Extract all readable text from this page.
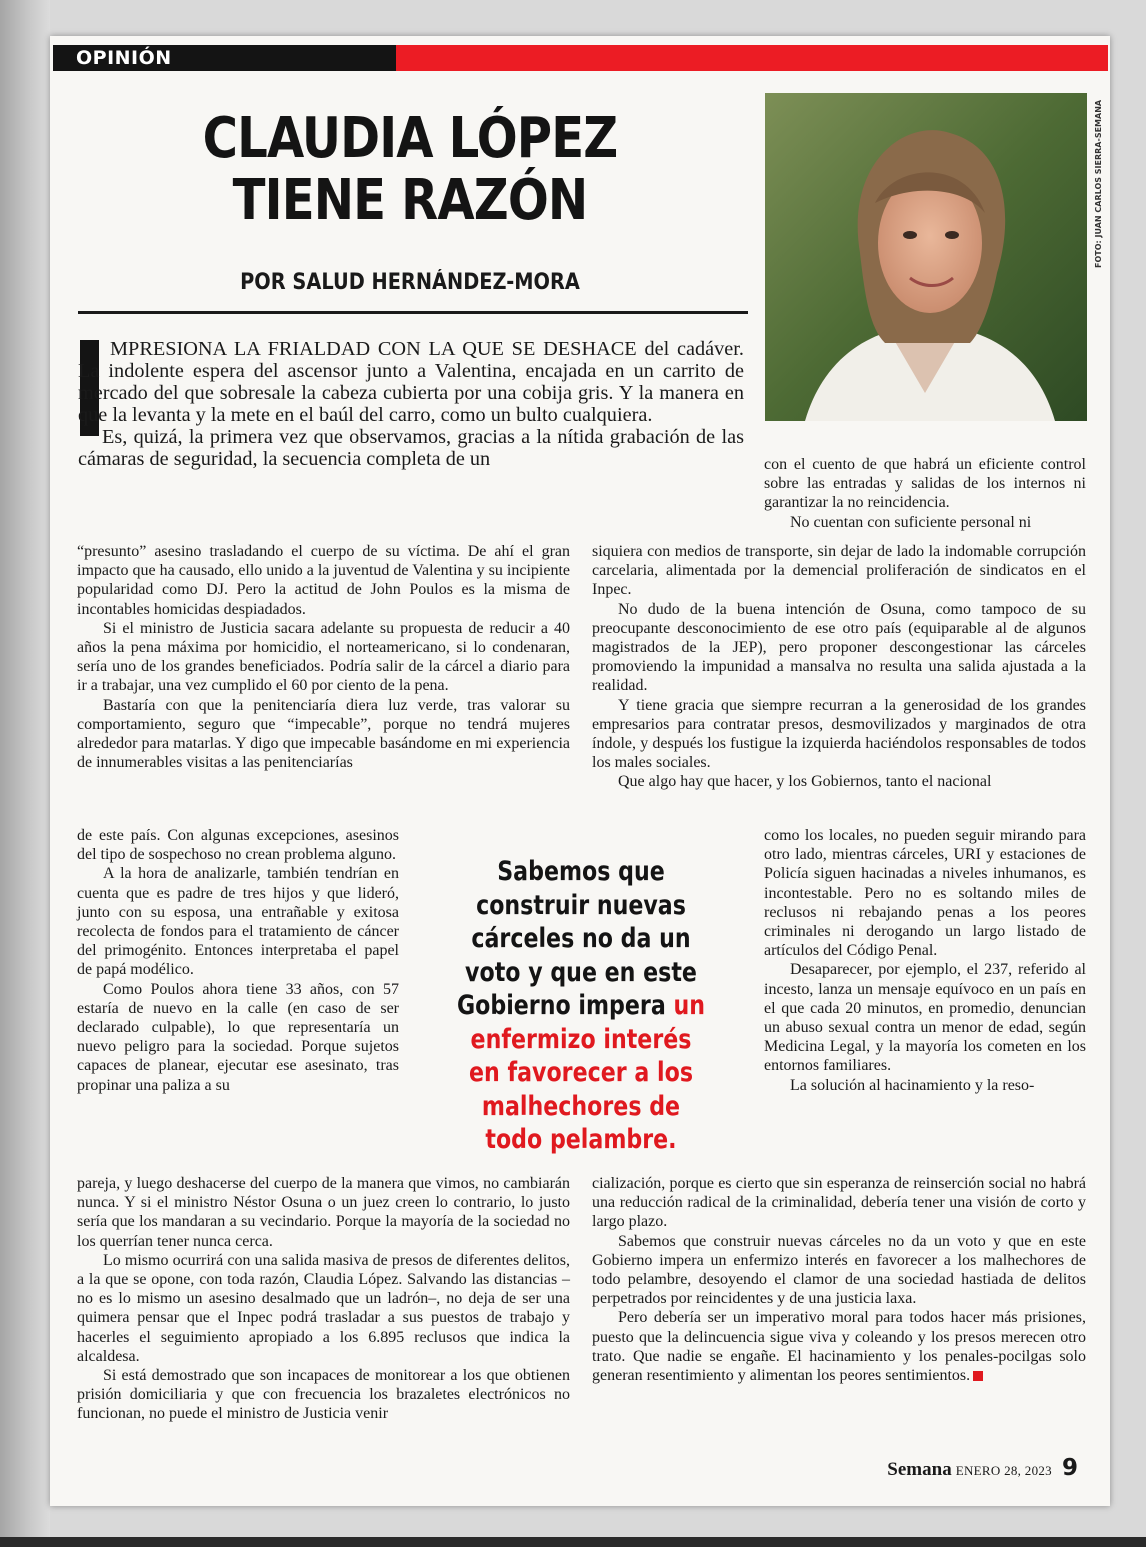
OPINIÓN
CLAUDIA LÓPEZ
TIENE RAZÓN
POR SALUD HERNÁNDEZ-MORA
FOTO: JUAN CARLOS SIERRA-SEMANA

MPRESIONA LA FRIALDAD CON LA QUE SE DESHACE del cadáver. La indolente espera del ascensor junto a Valentina, encajada en un carrito de mercado del que sobresale la cabeza cubierta por una cobija gris. Y la manera en que la levanta y la mete en el baúl del carro, como un bulto cualquiera.

Es, quizá, la primera vez que observamos, gracias a la nítida grabación de las cámaras de seguridad, la secuencia completa de un	con el cuento de que habrá un eficiente control sobre las entradas y salidas de los internos ni garantizar la no reincidencia.

No cuentan con suficiente personal ni

“presunto” asesino trasladando el cuerpo de su víctima. De ahí el gran impacto que ha causado, ello unido a la juventud de Valentina y su incipiente popularidad como DJ. Pero la actitud de John Poulos es la misma de incontables homicidas despiadados.

Si el ministro de Justicia sacara adelante su propuesta de reducir a 40 años la pena máxima por homicidio, el norteamericano, si lo condenaran, sería uno de los grandes beneficiados. Podría salir de la cárcel a diario para ir a trabajar, una vez cumplido el 60 por ciento de la pena.

Bastaría con que la penitenciaría diera luz verde, tras valorar su comportamiento, seguro que “impecable”, porque no tendrá mujeres alrededor para matarlas. Y digo que impecable basándome en mi experiencia de innumerables visitas a las penitenciarías

siquiera con medios de transporte, sin dejar de lado la indomable corrupción carcelaria, alimentada por la demencial proliferación de sindicatos en el Inpec.

No dudo de la buena intención de Osuna, como tampoco de su preocupante desconocimiento de ese otro país (equiparable al de algunos magistrados de la JEP), pero proponer descongestionar las cárceles promoviendo la impunidad a mansalva no resulta una salida ajustada a la realidad.

Y tiene gracia que siempre recurran a la generosidad de los grandes empresarios para contratar presos, desmovilizados y marginados de otra índole, y después los fustigue la izquierda haciéndolos responsables de todos los males sociales.

Que algo hay que hacer, y los Gobiernos, tanto el nacional

de este país. Con algunas excepciones, asesinos del tipo de sospechoso no crean problema alguno.

A la hora de analizarle, también tendrían en cuenta que es padre de tres hijos y que lideró, junto con su esposa, una entrañable y exitosa recolecta de fondos para el tratamiento de cáncer del primogénito. Entonces interpretaba el papel de papá modélico.

Como Poulos ahora tiene 33 años, con 57 estaría de nuevo en la calle (en caso de ser declarado culpable), lo que representaría un nuevo peligro para la sociedad. Porque sujetos capaces de planear, ejecutar ese asesinato, tras propinar una paliza a su

Sabemos que construir nuevas cárceles no da un voto y que en este Gobierno impera un enfermizo interés en favorecer a los malhechores de todo pelambre.

como los locales, no pueden seguir mirando para otro lado, mientras cárceles, URI y estaciones de Policía siguen hacinadas a niveles inhumanos, es incontestable. Pero no es soltando miles de reclusos ni rebajando penas a los peores criminales ni derogando un largo listado de artículos del Código Penal.

Desaparecer, por ejemplo, el 237, referido al incesto, lanza un mensaje equívoco en un país en el que cada 20 minutos, en promedio, denuncian un abuso sexual contra un menor de edad, según Medicina Legal, y la mayoría los cometen en los entornos familiares.

La solución al hacinamiento y la reso-

pareja, y luego deshacerse del cuerpo de la manera que vimos, no cambiarán nunca. Y si el ministro Néstor Osuna o un juez creen lo contrario, lo justo sería que los mandaran a su vecindario. Porque la mayoría de la sociedad no los querrían tener nunca cerca.

Lo mismo ocurrirá con una salida masiva de presos de diferentes delitos, a la que se opone, con toda razón, Claudia López. Salvando las distancias –no es lo mismo un asesino desalmado que un ladrón–, no deja de ser una quimera pensar que el Inpec podrá trasladar a sus puestos de trabajo y hacerles el seguimiento apropiado a los 6.895 reclusos que indica la alcaldesa.

Si está demostrado que son incapaces de monitorear a los que obtienen prisión domiciliaria y que con frecuencia los brazaletes electrónicos no funcionan, no puede el ministro de Justicia venir

cialización, porque es cierto que sin esperanza de reinserción social no habrá una reducción radical de la criminalidad, debería tener una visión de corto y largo plazo.

Sabemos que construir nuevas cárceles no da un voto y que en este Gobierno impera un enfermizo interés en favorecer a los malhechores de todo pelambre, desoyendo el clamor de una sociedad hastiada de delitos perpetrados por reincidentes y de una justicia laxa.

Pero debería ser un imperativo moral para todos hacer más prisiones, puesto que la delincuencia sigue viva y coleando y los presos merecen otro trato. Que nadie se engañe. El hacinamiento y los penales-pocilgas solo generan resentimiento y alimentan los peores sentimientos.

Semana ENERO 28, 2023 9
